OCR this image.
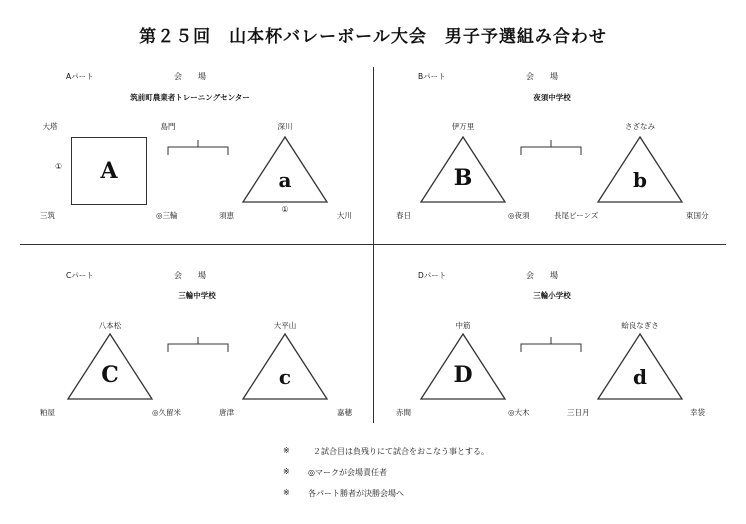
第２５回　山本杯バレーボール大会　男子予選組み合わせ
Aパート	会　　場
筑前町農業者トレーニングセンター
大塔	島門	深川
A
①
a
①
三筑	◎三輪	須恵	大川
Bパート	会　　場
夜須中学校
伊万里	さざなみ
B	b
春日	◎夜須	長尾ビーンズ	東国分
Cパート	会　　場
三輪中学校
八本松	大平山
C	c
粕屋	◎久留米	唐津	嘉穂
Dパート	会　　場
三輪小学校
中筋	蛤良なぎさ
D	d
赤間	◎大木	三日月	幸袋
※	２試合目は負残りにて試合をおこなう事とする。
※ ◎マークが会場責任者
※ 各パート勝者が決勝会場へ
